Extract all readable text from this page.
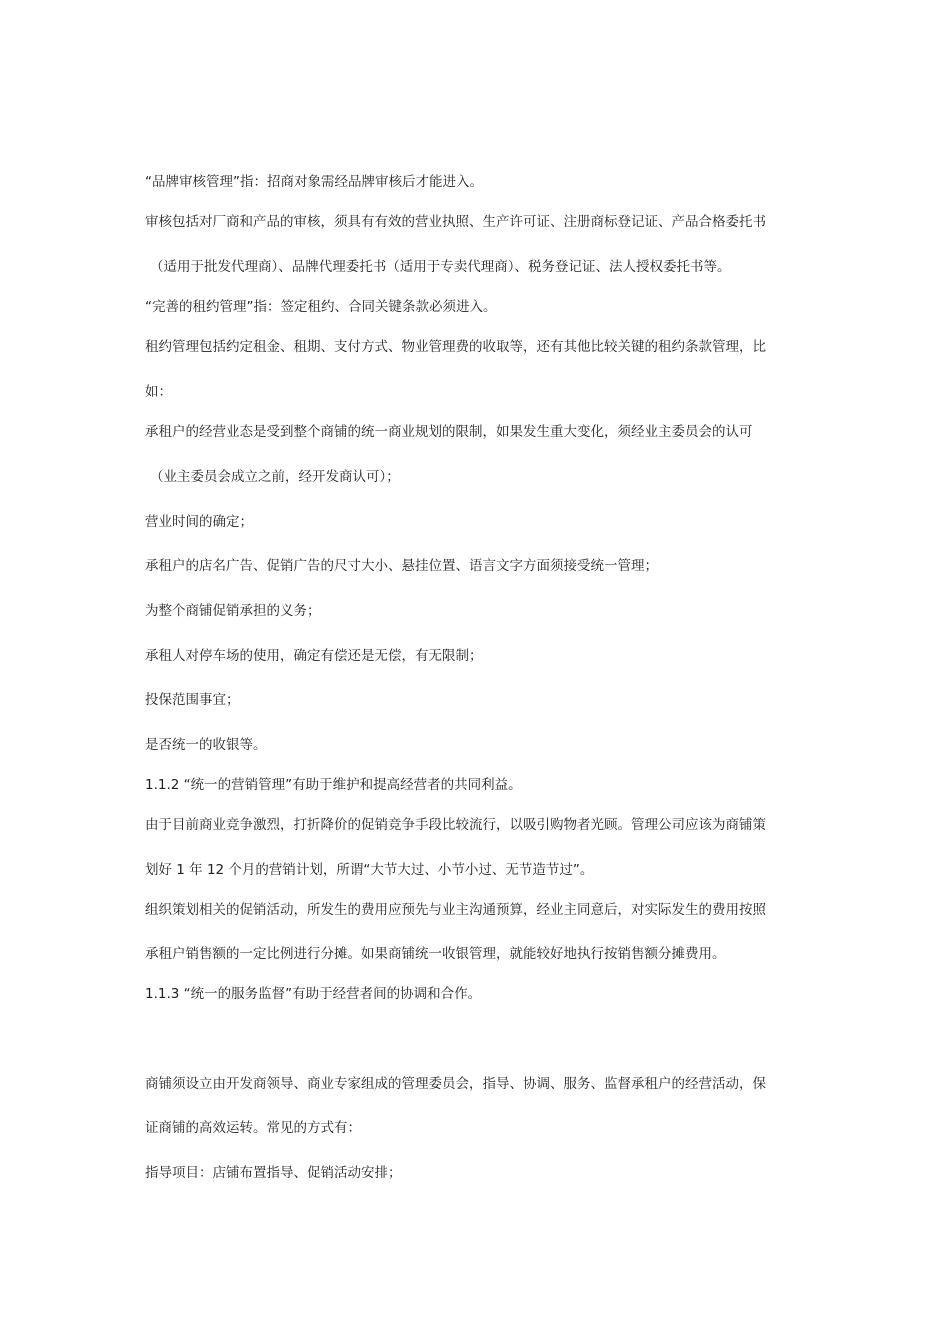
“品牌审核管理”指：招商对象需经品牌审核后才能进入。
审核包括对厂商和产品的审核，须具有有效的营业执照、生产许可证、注册商标登记证、产品合格委托书
（适用于批发代理商）、品牌代理委托书（适用于专卖代理商）、税务登记证、法人授权委托书等。
“完善的租约管理”指：签定租约、合同关键条款必须进入。
租约管理包括约定租金、租期、支付方式、物业管理费的收取等，还有其他比较关键的租约条款管理，比
如：
承租户的经营业态是受到整个商铺的统一商业规划的限制，如果发生重大变化，须经业主委员会的认可
（业主委员会成立之前，经开发商认可）；
营业时间的确定；
承租户的店名广告、促销广告的尺寸大小、悬挂位置、语言文字方面须接受统一管理；
为整个商铺促销承担的义务；
承租人对停车场的使用，确定有偿还是无偿，有无限制；
投保范围事宜；
是否统一的收银等。
1.1.2 “统一的营销管理”有助于维护和提高经营者的共同利益。
由于目前商业竞争激烈，打折降价的促销竞争手段比较流行，以吸引购物者光顾。管理公司应该为商铺策
划好 1 年 12 个月的营销计划，所谓“大节大过、小节小过、无节造节过”。
组织策划相关的促销活动，所发生的费用应预先与业主沟通预算，经业主同意后，对实际发生的费用按照
承租户销售额的一定比例进行分摊。如果商铺统一收银管理，就能较好地执行按销售额分摊费用。
1.1.3 “统一的服务监督”有助于经营者间的协调和合作。
商铺须设立由开发商领导、商业专家组成的管理委员会，指导、协调、服务、监督承租户的经营活动，保
证商铺的高效运转。常见的方式有：
指导项目：店铺布置指导、促销活动安排；
